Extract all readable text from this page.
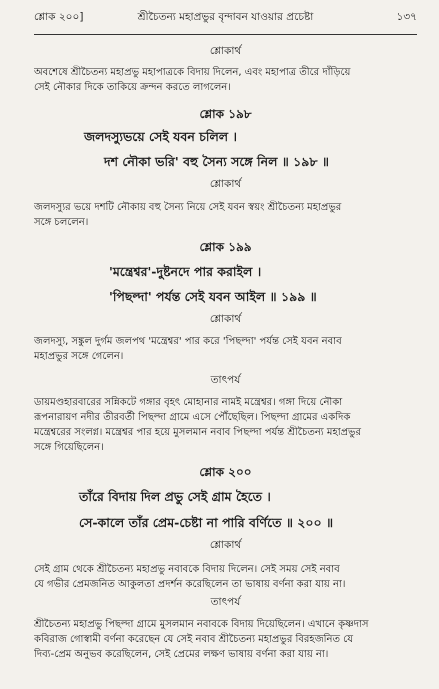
শ্লোক ২০০]	শ্রীচৈতন্য মহাপ্রভুর বৃন্দাবন যাওয়ার প্রচেষ্টা	১৩৭
শ্লোকার্থ
অবশেষে শ্রীচৈতন্য মহাপ্রভু মহাপাত্রকে বিদায় দিলেন, এবং মহাপাত্র তীরে দাঁড়িয়ে
সেই নৌকার দিকে তাকিয়ে ক্রন্দন করতে লাগলেন।
শ্লোক ১৯৮
জলদস্যুভয়ে সেই যবন চলিল ।
দশ নৌকা ভরি' বহু সৈন্য সঙ্গে নিল ॥ ১৯৮ ॥
শ্লোকার্থ
জলদস্যুর ভয়ে দশটি নৌকায় বহু সৈন্য নিয়ে সেই যবন স্বয়ং শ্রীচৈতন্য মহাপ্রভুর
সঙ্গে চললেন।
শ্লোক ১৯৯
'মন্ত্রেশ্বর'-দুষ্টনদে পার করাইল ।
'পিছল্দা' পর্যন্ত সেই যবন আইল ॥ ১৯৯ ॥
শ্লোকার্থ
জলদস্যু, সঙ্কুল দুর্গম জলপথ 'মন্ত্রেশ্বর' পার করে 'পিছল্দা' পর্যন্ত সেই যবন নবাব
মহাপ্রভুর সঙ্গে গেলেন।
তাৎপর্য
ডায়মণ্ডহারবারের সন্নিকটে গঙ্গার বৃহৎ মোহানার নামই মন্ত্রেশ্বর। গঙ্গা দিয়ে নৌকা
রূপনারায়ণ নদীর তীরবর্তী পিছল্দা গ্রামে এসে পৌঁছেছিল। পিছল্দা গ্রামের একদিক
মন্ত্রেশ্বরের সংলগ্ন। মন্ত্রেশ্বর পার হয়ে মুসলমান নবাব পিছল্দা পর্যন্ত শ্রীচৈতন্য মহাপ্রভুর
সঙ্গে গিয়েছিলেন।
শ্লোক ২০০
তাঁরে বিদায় দিল প্রভু সেই গ্রাম হৈতে ।
সে-কালে তাঁর প্রেম-চেষ্টা না পারি বর্ণিতে ॥ ২০০ ॥
শ্লোকার্থ
সেই গ্রাম থেকে শ্রীচৈতন্য মহাপ্রভু নবাবকে বিদায় দিলেন। সেই সময় সেই নবাব
যে গভীর প্রেমজনিত আকুলতা প্রদর্শন করেছিলেন তা ভাষায় বর্ণনা করা যায় না।
তাৎপর্য
শ্রীচৈতন্য মহাপ্রভু পিছল্দা গ্রামে মুসলমান নবাবকে বিদায় দিয়েছিলেন। এখানে কৃষ্ণদাস
কবিরাজ গোস্বামী বর্ণনা করেছেন যে সেই নবাব শ্রীচৈতন্য মহাপ্রভুর বিরহজনিত যে
দিব্য-প্রেম অনুভব করেছিলেন, সেই প্রেমের লক্ষণ ভাষায় বর্ণনা করা যায় না।
